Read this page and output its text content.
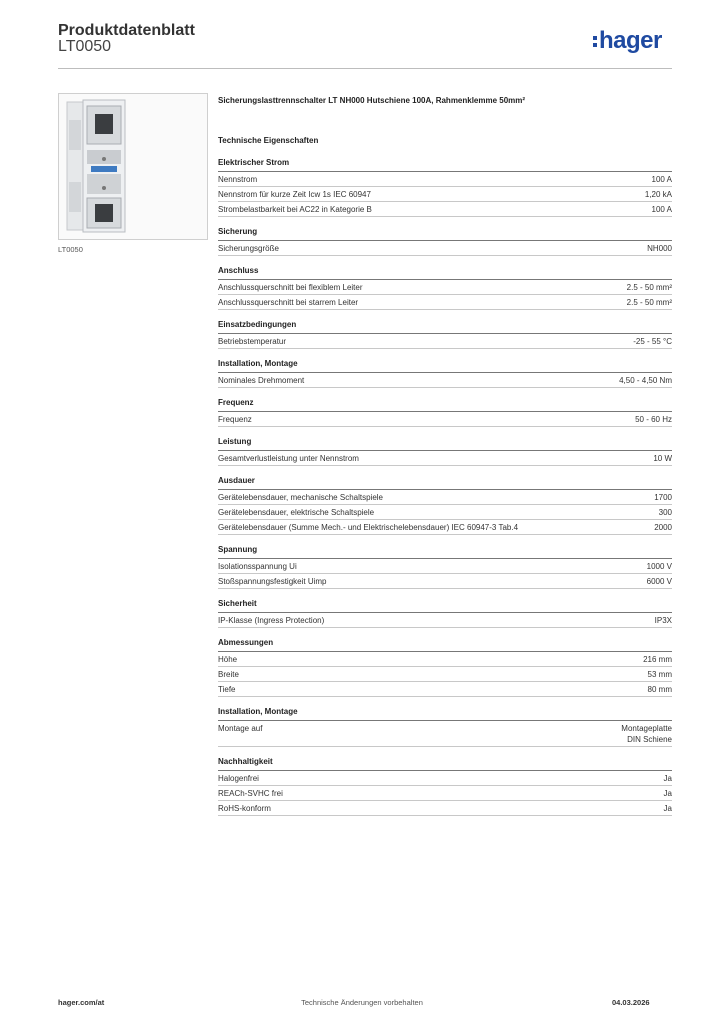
Produktdatenblatt
LT0050	hager
LT0050
Sicherungslasttrennschalter LT NH000 Hutschiene 100A, Rahmenklemme 50mm²
Technische Eigenschaften
Elektrischer Strom
Nennstrom	100 A
Nennstrom für kurze Zeit Icw 1s IEC 60947	1,20 kA
Strombelastbarkeit bei AC22 in Kategorie B	100 A
Sicherung
Sicherungsgröße	NH000
Anschluss
Anschlussquerschnitt bei flexiblem Leiter	2.5 - 50 mm²
Anschlussquerschnitt bei starrem Leiter	2.5 - 50 mm²
Einsatzbedingungen
Betriebstemperatur	-25 - 55 °C
Installation, Montage
Nominales Drehmoment	4,50 - 4,50 Nm
Frequenz
Frequenz	50 - 60 Hz
Leistung
Gesamtverlustleistung unter Nennstrom	10 W
Ausdauer
Gerätelebensdauer, mechanische Schaltspiele	1700
Gerätelebensdauer, elektrische Schaltspiele	300
Gerätelebensdauer (Summe Mech.- und Elektrischelebensdauer) IEC 60947-3 Tab.4	2000
Spannung
Isolationsspannung Ui	1000 V
Stoßspannungsfestigkeit Uimp	6000 V
Sicherheit
IP-Klasse (Ingress Protection)	IP3X
Abmessungen
Höhe	216 mm
Breite	53 mm
Tiefe	80 mm
Installation, Montage
Montage auf	Montageplatte
DIN Schiene
Nachhaltigkeit
Halogenfrei	Ja
REACh-SVHC frei	Ja
RoHS-konform	Ja
hager.com/at	Technische Änderungen vorbehalten	04.03.2026
